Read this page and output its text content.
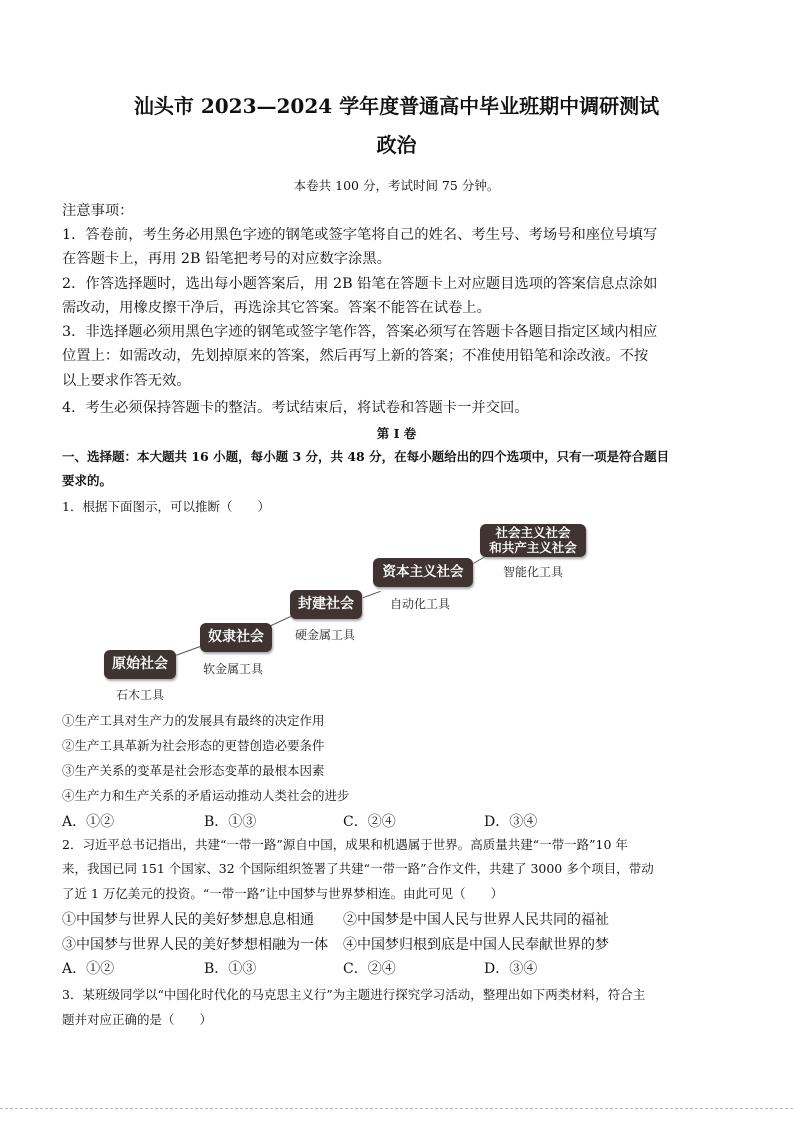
汕头市 2023—2024 学年度普通高中毕业班期中调研测试
政治
本卷共 100 分，考试时间 75 分钟。
注意事项：
1．答卷前，考生务必用黑色字迹的钢笔或签字笔将自己的姓名、考生号、考场号和座位号填写
在答题卡上，再用 2B 铅笔把考号的对应数字涂黑。
2．作答选择题时，选出每小题答案后，用 2B 铅笔在答题卡上对应题目选项的答案信息点涂如
需改动，用橡皮擦干净后，再选涂其它答案。答案不能答在试卷上。
3．非选择题必须用黑色字迹的钢笔或签字笔作答，答案必须写在答题卡各题目指定区域内相应
位置上：如需改动，先划掉原来的答案，然后再写上新的答案；不准使用铅笔和涂改液。不按
以上要求作答无效。
4．考生必须保持答题卡的整洁。考试结束后，将试卷和答题卡一并交回。
第 I 卷
一、选择题：本大题共 16 小题，每小题 3 分，共 48 分，在每小题给出的四个选项中，只有一项是符合题目
要求的。
1．根据下面图示，可以推断（　　）
原始社会
奴隶社会
封建社会
资本主义社会
社会主义社会
和共产主义社会
石木工具
软金属工具
硬金属工具
自动化工具
智能化工具
①生产工具对生产力的发展具有最终的决定作用
②生产工具革新为社会形态的更替创造必要条件
③生产关系的变革是社会形态变革的最根本因素
④生产力和生产关系的矛盾运动推动人类社会的进步
A．①②	B．①③	C．②④	D．③④
2．习近平总书记指出，共建“一带一路”源自中国，成果和机遇属于世界。高质量共建“一带一路”10 年
来，我国已同 151 个国家、32 个国际组织签署了共建“一带一路”合作文件，共建了 3000 多个项目，带动
了近 1 万亿美元的投资。“一带一路”让中国梦与世界梦相连。由此可见（　　）
①中国梦与世界人民的美好梦想息息相通 ②中国梦是中国人民与世界人民共同的福祉
③中国梦与世界人民的美好梦想相融为一体 ④中国梦归根到底是中国人民奉献世界的梦
A．①②	B．①③	C．②④	D．③④
3．某班级同学以“中国化时代化的马克思主义行”为主题进行探究学习活动，整理出如下两类材料，符合主
题并对应正确的是（　　）
